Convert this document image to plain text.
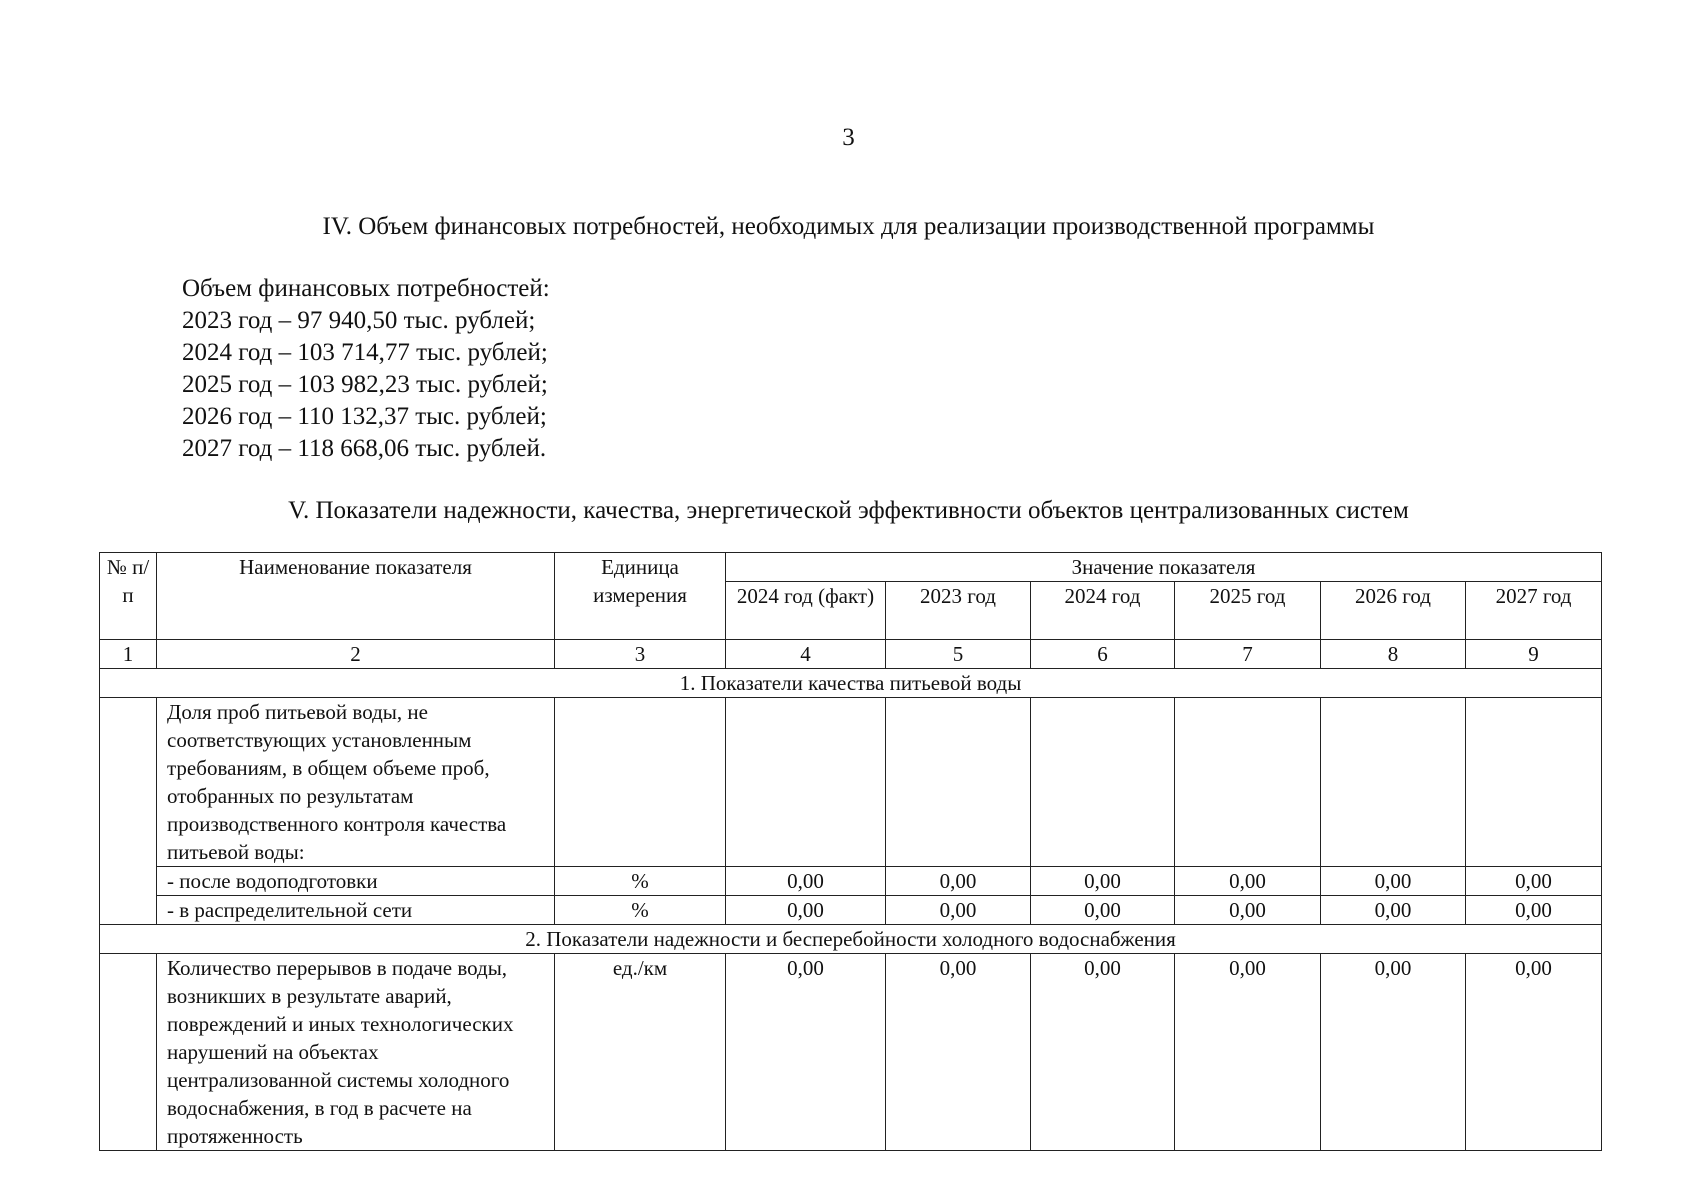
3
IV. Объем финансовых потребностей, необходимых для реализации производственной программы
Объем финансовых потребностей:
2023 год – 97 940,50 тыс. рублей;
2024 год – 103 714,77 тыс. рублей;
2025 год – 103 982,23 тыс. рублей;
2026 год – 110 132,37 тыс. рублей;
2027 год – 118 668,06 тыс. рублей.
V. Показатели надежности, качества, энергетической эффективности объектов централизованных систем
№ п/п	Наименование показателя	Единица измерения	Значение показателя					
			2024 год (факт)	2023 год	2024 год	2025 год	2026 год	2027 год
1	2	3	4	5	6	7	8	9
1. Показатели качества питьевой воды								
	Доля проб питьевой воды, не соответствующих установленным требованиям, в общем объеме проб, отобранных по результатам производственного контроля качества питьевой воды:							
	- после водоподготовки	%	0,00	0,00	0,00	0,00	0,00	0,00
	- в распределительной сети	%	0,00	0,00	0,00	0,00	0,00	0,00
2. Показатели надежности и бесперебойности холодного водоснабжения								
	Количество перерывов в подаче воды, возникших в результате аварий, повреждений и иных технологических нарушений на объектах централизованной системы холодного водоснабжения, в год в расчете на протяженность	ед./км	0,00	0,00	0,00	0,00	0,00	0,00
